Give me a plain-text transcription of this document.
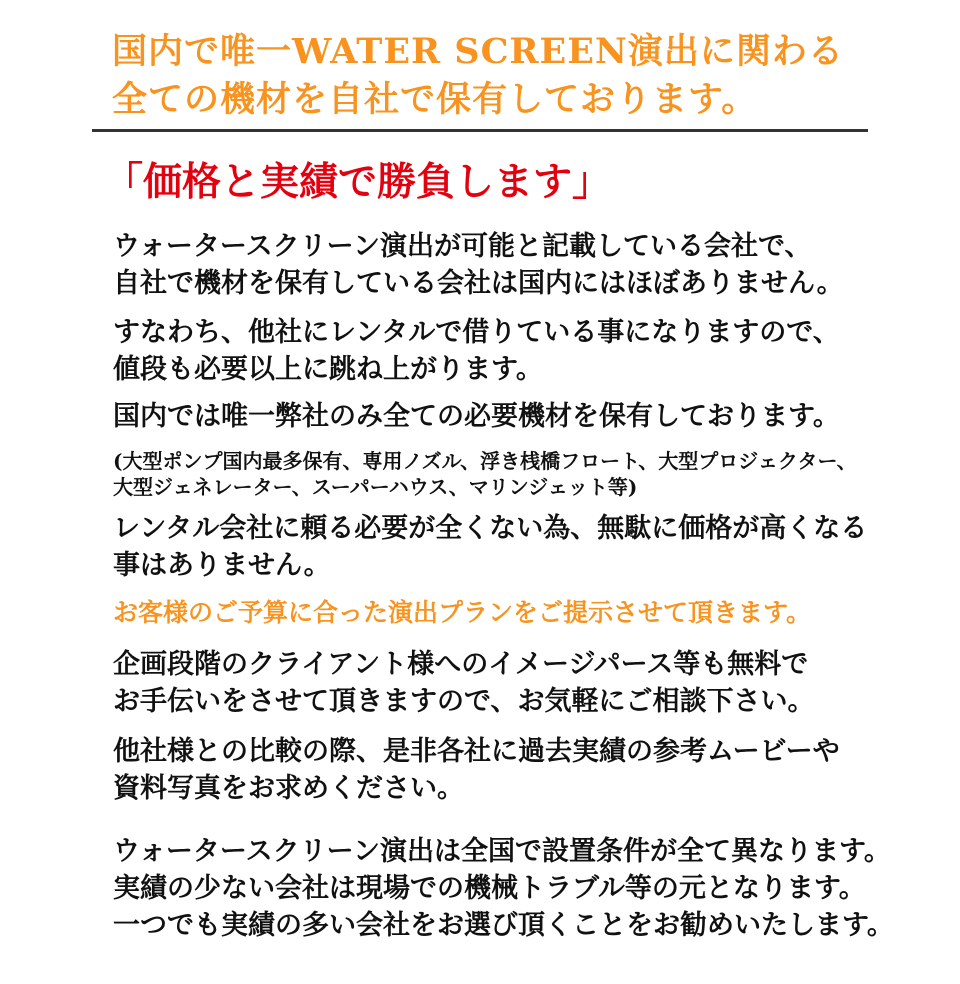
国内で唯一WATER SCREEN演出に関わる
全ての機材を自社で保有しております。
「価格と実績で勝負します」

ウォータースクリーン演出が可能と記載している会社で、
自社で機材を保有している会社は国内にはほぼありません。

すなわち、他社にレンタルで借りている事になりますので、
値段も必要以上に跳ね上がります。

国内では唯一弊社のみ全ての必要機材を保有しております。

(大型ポンプ国内最多保有、専用ノズル、浮き桟橋フロート、大型プロジェクター、
大型ジェネレーター、スーパーハウス、マリンジェット等)

レンタル会社に頼る必要が全くない為、無駄に価格が高くなる
事はありません。

お客様のご予算に合った演出プランをご提示させて頂きます。

企画段階のクライアント様へのイメージパース等も無料で
お手伝いをさせて頂きますので、お気軽にご相談下さい。

他社様との比較の際、是非各社に過去実績の参考ムービーや
資料写真をお求めください。

ウォータースクリーン演出は全国で設置条件が全て異なります。
実績の少ない会社は現場での機械トラブル等の元となります。
一つでも実績の多い会社をお選び頂くことをお勧めいたします。
